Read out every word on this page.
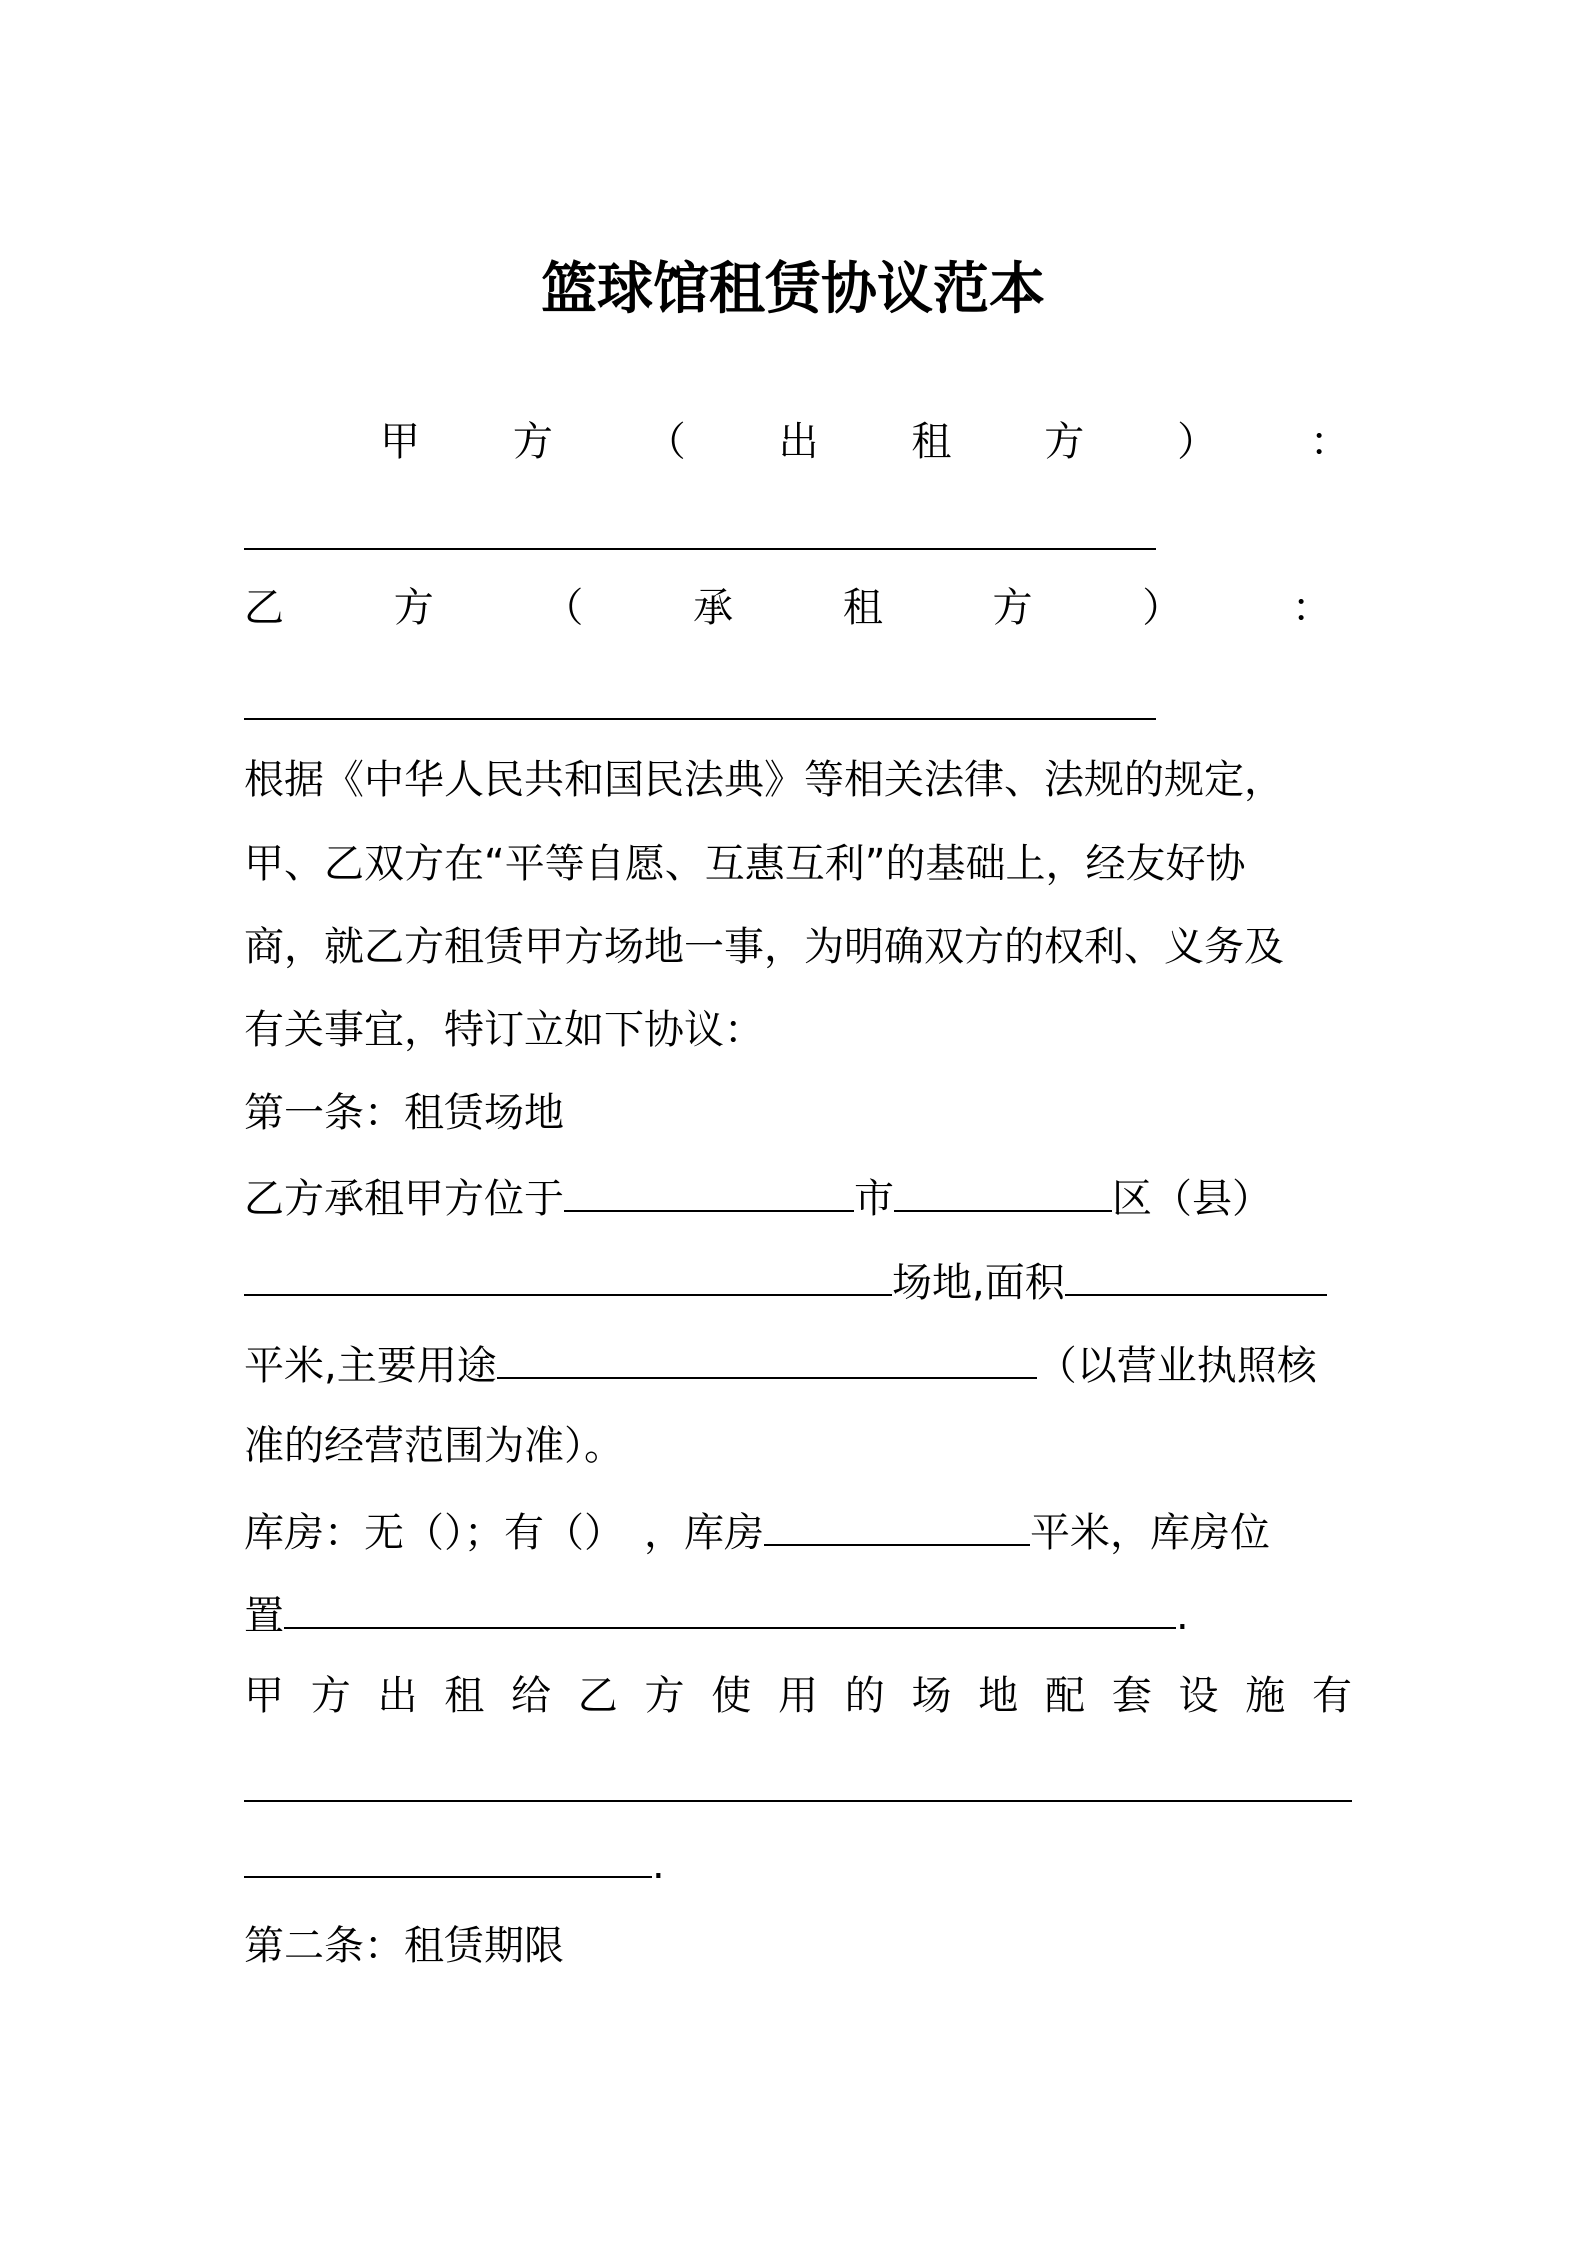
篮球馆租赁协议范本
甲 方 （ 出 租 方 ） ：
乙	方	（	承	租	方	）	：
根据《中华人民共和国民法典》等相关法律、法规的规定，
甲、乙双方在“平等自愿、互惠互利”的基础上，经友好协
商，就乙方租赁甲方场地一事，为明确双方的权利、义务及
有关事宜，特订立如下协议：
第一条：租赁场地
乙方承租甲方位于	市	区（县）
场地,面积
平米,主要用途	（以营业执照核
准的经营范围为准）。
库房：无（）；有（） ，库房	平米，库房位
置	.
甲 方 出 租 给 乙 方 使 用 的 场 地 配 套 设 施 有
.
第二条：租赁期限
